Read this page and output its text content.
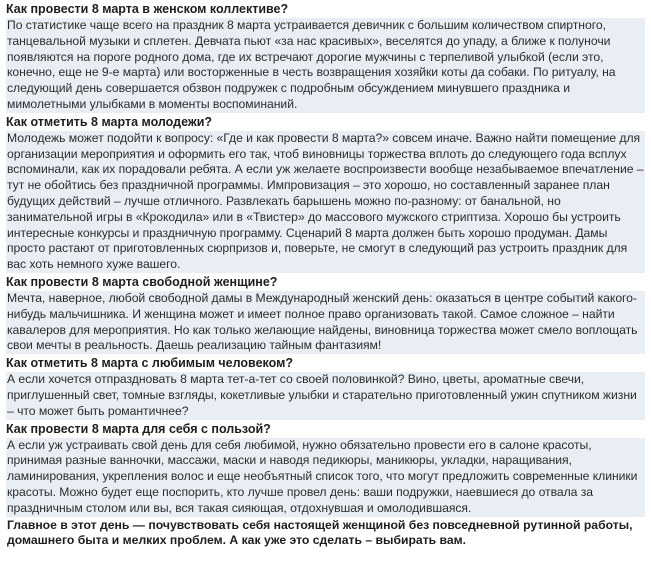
Как провести 8 марта в женском коллективе?
По статистике чаще всего на праздник 8 марта устраивается девичник с большим количеством спиртного, танцевальной музыки и сплетен. Девчата пьют «за нас красивых», веселятся до упаду, а ближе к полуночи появляются на пороге родного дома, где их встречают дорогие мужчины с терпеливой улыбкой (если это, конечно, еще не 9-е марта) или восторженные в честь возвращения хозяйки коты да собаки. По ритуалу, на следующий день совершается обзвон подружек с подробным обсуждением минувшего праздника и мимолетными улыбками в моменты воспоминаний.
Как отметить 8 марта молодежи?
Молодежь может подойти к вопросу: «Где и как провести 8 марта?» совсем иначе. Важно найти помещение для организации мероприятия и оформить его так, чтоб виновницы торжества вплоть до следующего года всплух вспоминали, как их порадовали ребята. А если уж желаете воспроизвести вообще незабываемое впечатление – тут не обойтись без праздничной программы. Импровизация – это хорошо, но составленный заранее план будущих действий – лучше отличного. Развлекать барышень можно по-разному: от банальной, но занимательной игры в «Крокодила» или в «Твистер» до массового мужского стриптиза. Хорошо бы устроить интересные конкурсы и праздничную программу. Сценарий 8 марта должен быть хорошо продуман. Дамы просто растают от приготовленных сюрпризов и, поверьте, не смогут в следующий раз устроить праздник для вас хоть немного хуже вашего.
Как провести 8 марта свободной женщине?
Мечта, наверное, любой свободной дамы в Международный женский день: оказаться в центре событий какого-нибудь мальчишника. И женщина может и имеет полное право организовать такой. Самое сложное – найти кавалеров для мероприятия. Но как только желающие найдены, виновница торжества может смело воплощать свои мечты в реальность. Даешь реализацию тайным фантазиям!
Как отметить 8 марта с любимым человеком?
А если хочется отпраздновать 8 марта тет-а-тет со своей половинкой? Вино, цветы, ароматные свечи, приглушенный свет, томные взгляды, кокетливые улыбки и старательно приготовленный ужин спутником жизни – что может быть романтичнее?
Как провести 8 марта для себя с пользой?
А если уж устраивать свой день для себя любимой, нужно обязательно провести его в салоне красоты, принимая разные ванночки, массажи, маски и наводя педикюры, маникюры, укладки, наращивания, ламинирования, укрепления волос и еще необъятный список того, что могут предложить современные клиники красоты. Можно будет еще поспорить, кто лучше провел день: ваши подружки, наевшиеся до отвала за праздничным столом или вы, вся такая сияющая, отдохнувшая и омолодившаяся.
Главное в этот день — почувствовать себя настоящей женщиной без повседневной рутинной работы, домашнего быта и мелких проблем. А как уже это сделать – выбирать вам.
